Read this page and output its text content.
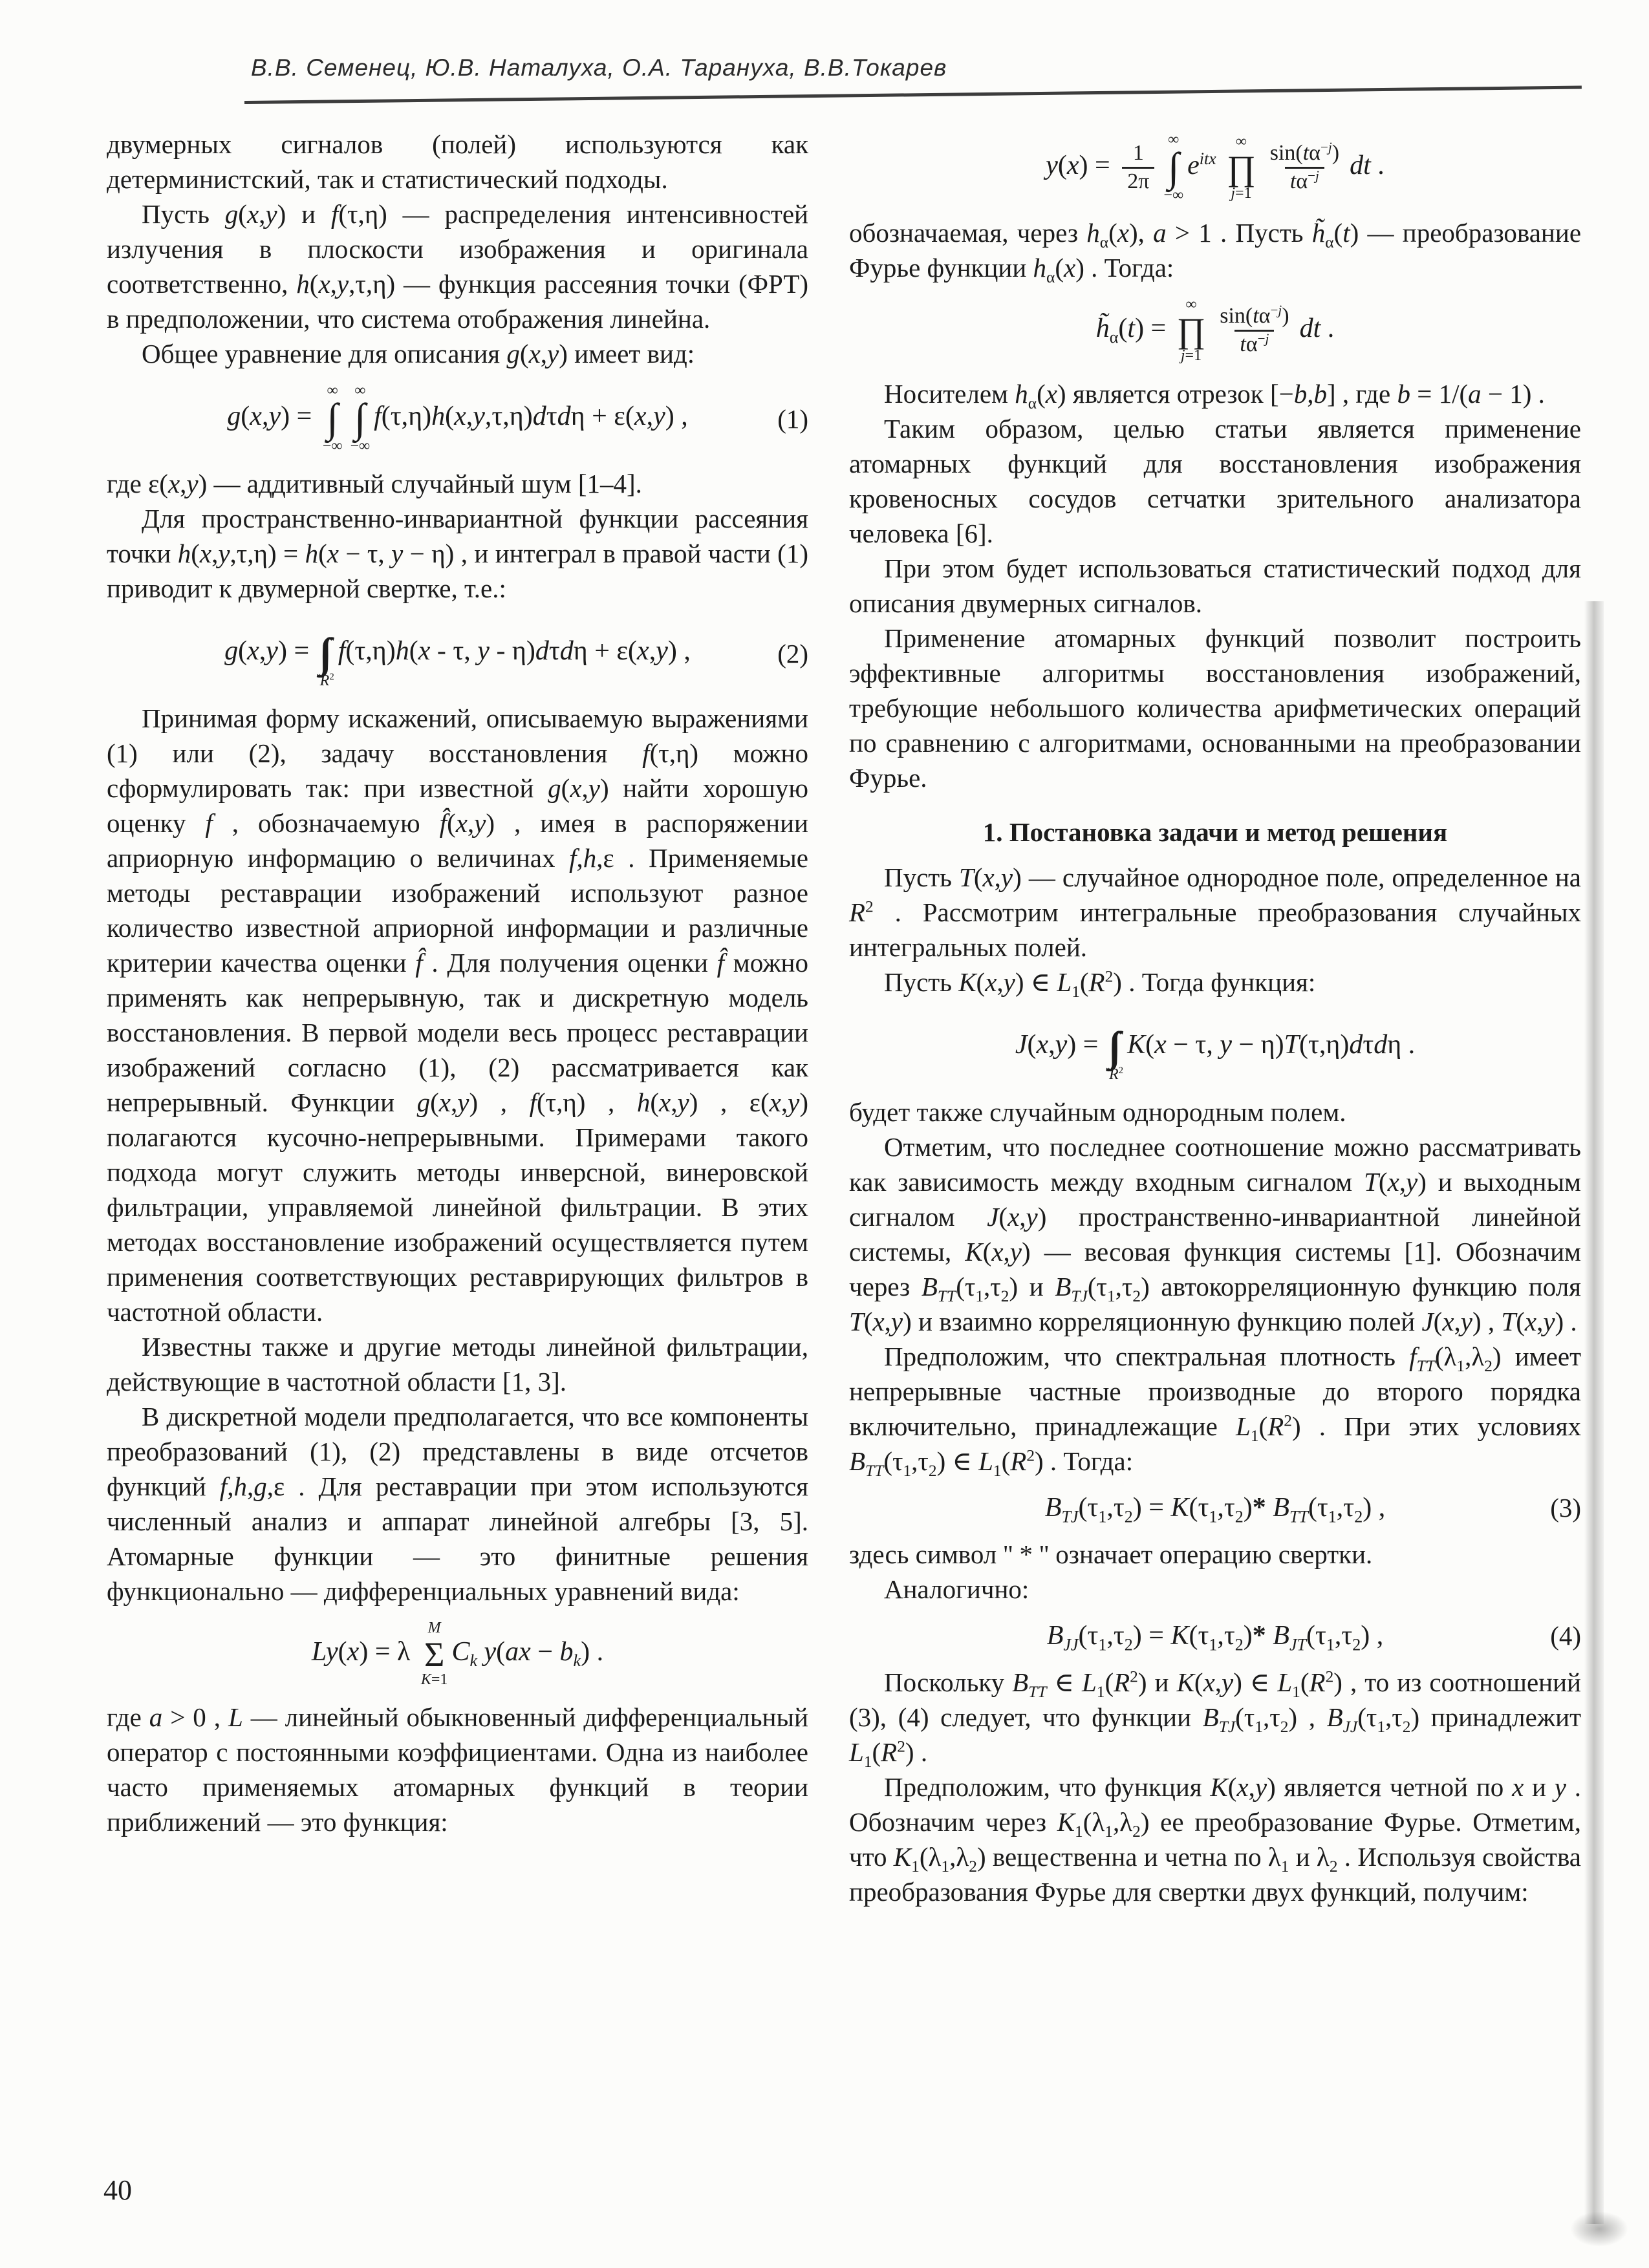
В.В. Семенец, Ю.В. Наталуха, О.А. Тарануха, В.В.Токарев

двумерных сигналов (полей) используются как детерминистский, так и статистический подходы.

Пусть g(x,y) и f(τ,η) — распределения интенсивностей излучения в плоскости изображения и оригинала соответственно, h(x,y,τ,η) — функция рассеяния точки (ФРТ) в предположении, что система отображения линейна.

Общее уравнение для описания g(x,y) имеет вид:

g(x,y) =
∞
∫
−∞
∞
∫
−∞
f(τ,η)h(x,y,τ,η)dτdη + ε(x,y) ,	(1)

где ε(x,y) — аддитивный случайный шум [1–4].

Для пространственно-инвариантной функции рассеяния точки h(x,y,τ,η) = h(x − τ, y − η) , и интеграл в правой части (1) приводит к двумерной свертке, т.е.:

g(x,y) =
$R^2$
f(τ,η)h(x - τ, y - η)dτdη + ε(x,y) ,	(2)

Принимая форму искажений, описываемую выражениями (1) или (2), задачу восстановления f(τ,η) можно сформулировать так: при известной g(x,y) найти хорошую оценку f , обозначаемую f̂(x,y) , имея в распоряжении априорную информацию о величинах f,h,ε . Применяемые методы реставрации изображений используют разное количество известной априорной информации и различные критерии качества оценки f̂ . Для получения оценки f̂ можно применять как непрерывную, так и дискретную модель восстановления. В первой модели весь процесс реставрации изображений согласно (1), (2) рассматривается как непрерывный. Функции g(x,y) , f(τ,η) , h(x,y) , ε(x,y) полагаются кусочно-непрерывными. Примерами такого подхода могут служить методы инверсной, винеровской фильтрации, управляемой линейной фильтрации. В этих методах восстановление изображений осуществляется путем применения соответствующих реставрирующих фильтров в частотной области.

Известны также и другие методы линейной фильтрации, действующие в частотной области [1, 3].

В дискретной модели предполагается, что все компоненты преобразований (1), (2) представлены в виде отсчетов функций f,h,g,ε . Для реставрации при этом используются численный анализ и аппарат линейной алгебры [3, 5]. Атомарные функции — это финитные решения функционально — дифференциальных уравнений вида:

Ly(x) = λ
M
Σ
K=1
$C_k$ $y(ax - b_k)$ .

где a > 0 , L — линейный обыкновенный дифференциальный оператор с постоянными коэффициентами. Одна из наиболее часто применяемых атомарных функций в теории приближений — это функция:

$y(x) = \frac{1}{2\pi}$
∞
∫
−∞
$e^{itx}$
∞
∏
$j=1 \frac{\sin(t\alpha^{-j})}{t\alpha^{-j}}$ dt .

обозначаемая, через $h_\alpha(x)$, a > 1 . Пусть $h̃_\alpha(t)$ — преобразование Фурье функции $h_\alpha(x)$ . Тогда:

$h̃_\alpha(t)$ =
∞
∏
$j=1 \frac{\sin(t\alpha^{-j})}{t\alpha^{-j}}$ dt .

Носителем $h_\alpha(x)$ является отрезок [−b,b] , где b = 1/(a − 1) .

Таким образом, целью статьи является применение атомарных функций для восстановления изображения кровеносных сосудов сетчатки зрительного анализатора человека [6].

При этом будет использоваться статистический подход для описания двумерных сигналов.

Применение атомарных функций позволит построить эффективные алгоритмы восстановления изображений, требующие небольшого количества арифметических операций по сравнению с алгоритмами, основанными на преобразовании Фурье.

1. Постановка задачи и метод решения

Пусть T(x,y) — случайное однородное поле, определенное на $R^2$ . Рассмотрим интегральные преобразования случайных интегральных полей.

Пусть K(x,y) ∈ $L_1(R^2)$ . Тогда функция:

J(x,y) =
$R^2$
K(x − τ, y − η)T(τ,η)dτdη .

будет также случайным однородным полем.

Отметим, что последнее соотношение можно рассматривать как зависимость между входным сигналом T(x,y) и выходным сигналом J(x,y) пространственно-инвариантной линейной системы, K(x,y) — весовая функция системы [1]. Обозначим через $B_{TT}(\tau_1,\tau_2)$ и $B_{TJ}(\tau_1,\tau_2)$ автокорреляционную функцию поля T(x,y) и взаимно корреляционную функцию полей J(x,y) , T(x,y) .

Предположим, что спектральная плотность $f_{TT}(\lambda_1,\lambda_2)$ имеет непрерывные частные производные до второго порядка включительно, принадлежащие $L_1(R^2)$ . При этих условиях $B_{TT}(\tau_1,\tau_2)$ ∈ $L_1(R^2)$ . Тогда:

$B_{TJ}(\tau_1,\tau_2) = K(\tau_1,\tau_2)*$ $B_{TT}(\tau_1,\tau_2)$ ,	(3)

здесь символ '' * '' означает операцию свертки.

Аналогично:

$B_{JJ}(\tau_1,\tau_2) = K(\tau_1,\tau_2)*$ $B_{JT}(\tau_1,\tau_2)$ ,	(4)

Поскольку $B_{TT}$ ∈ $L_1(R^2)$ и K(x,y) ∈ $L_1(R^2)$ , то из соотношений (3), (4) следует, что функции $B_{TJ}(\tau_1,\tau_2)$ , $B_{JJ}(\tau_1,\tau_2)$ принадлежит $L_1(R^2)$ .

Предположим, что функция K(x,y) является четной по x и y . Обозначим через $K_1(\lambda_1,\lambda_2)$ ее преобразование Фурье. Отметим, что $K_1(\lambda_1,\lambda_2)$ вещественна и четна по $\lambda_1$ и $\lambda_2$ . Используя свойства преобразования Фурье для свертки двух функций, получим:

40
